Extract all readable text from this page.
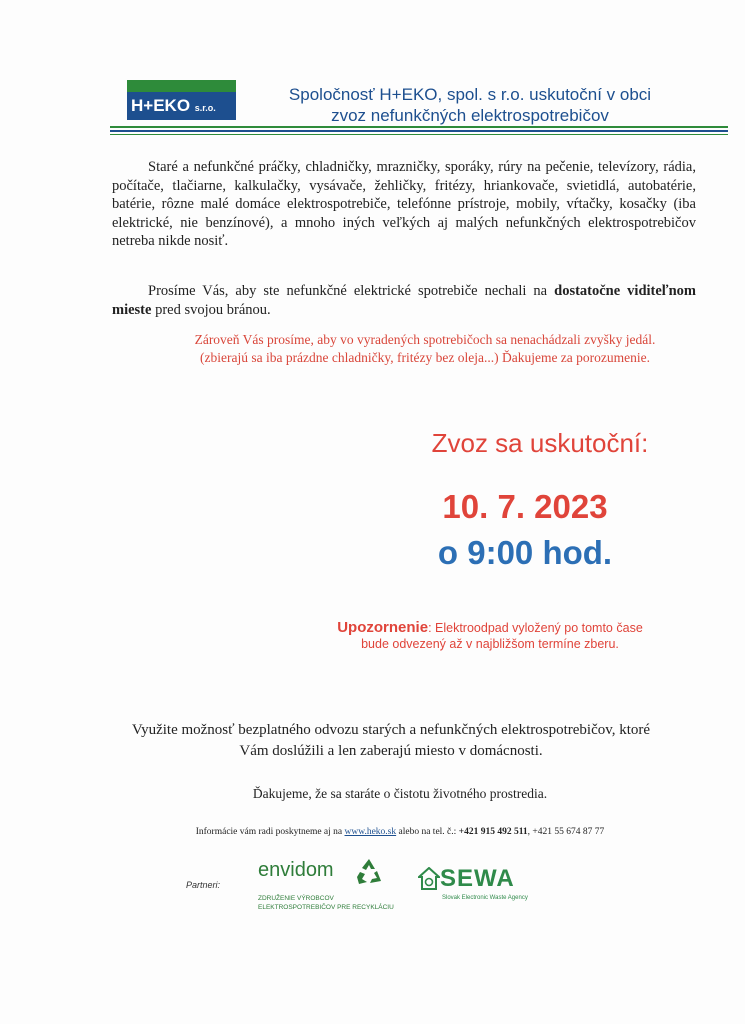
H+EKO s.r.o.
Spoločnosť H+EKO, spol. s r.o. uskutoční v obci
zvoz nefunkčných elektrospotrebičov
Staré a nefunkčné práčky, chladničky, mrazničky, sporáky, rúry na pečenie, televízory, rádia, počítače, tlačiarne, kalkulačky, vysávače, žehličky, fritézy, hriankovače, svietidlá, autobatérie, batérie, rôzne malé domáce elektrospotrebiče, telefónne prístroje, mobily, vŕtačky, kosačky (iba elektrické, nie benzínové), a mnoho iných veľkých aj malých nefunkčných elektrospotrebičov netreba nikde nosiť.
Prosíme Vás, aby ste nefunkčné elektrické spotrebiče nechali na dostatočne viditeľnom mieste pred svojou bránou.
Zároveň Vás prosíme, aby vo vyradených spotrebičoch sa nenachádzali zvyšky jedál.
(zbierajú sa iba prázdne chladničky, fritézy bez oleja...) Ďakujeme za porozumenie.
Zvoz sa uskutoční:
10. 7. 2023
o 9:00 hod.
Upozornenie: Elektroodpad vyložený po tomto čase
bude odvezený až v najbližšom termíne zberu.
Využite možnosť bezplatného odvozu starých a nefunkčných elektrospotrebičov, ktoré
Vám doslúžili a len zaberajú miesto v domácnosti.
Ďakujeme, že sa staráte o čistotu životného prostredia.
Informácie vám radi poskytneme aj na www.heko.sk alebo na tel. č.: +421 915 492 511, +421 55 674 87 77
Partneri:
envidom
ZDRUŽENIE VÝROBCOV
ELEKTROSPOTREBIČOV PRE RECYKLÁCIU
SEWA
Slovak Electronic Waste Agency
